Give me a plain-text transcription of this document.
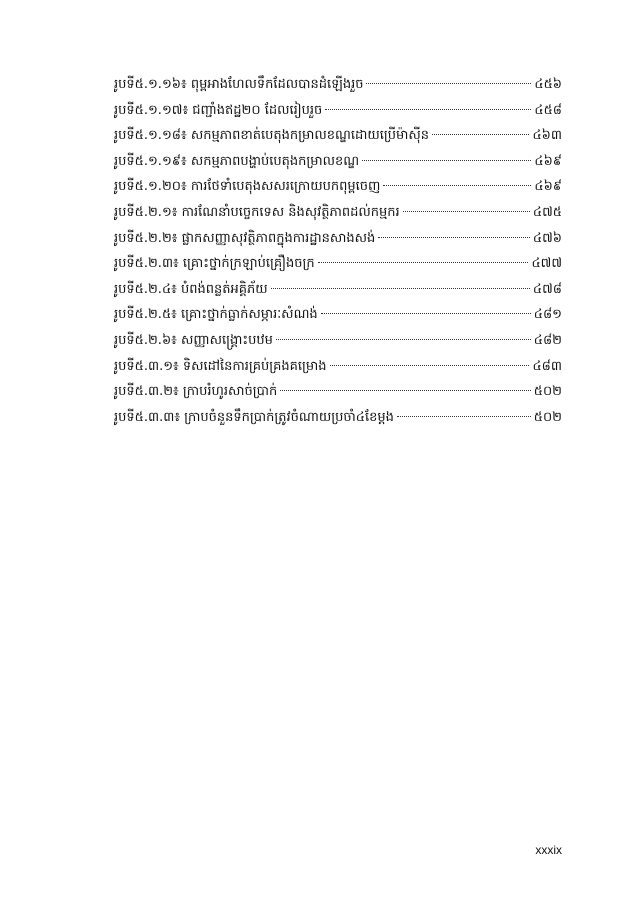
រូបទី៥.១.១៦៖ ពុម្ពអាងហែលទឹកដែលបានដំឡើងរួច	៤៥៦
រូបទី៥.១.១៧៖ ជញ្ជាំងឥដ្ឋ២០ ដែលរៀបរួច	៤៥៨
រូបទី៥.១.១៨៖ សកម្មភាពខាត់បេតុងកម្រាលខណ្ឌដោយប្រើម៉ាស៊ីន	៤៦៣
រូបទី៥.១.១៩៖ សកម្មភាពបង្ហាប់បេតុងកម្រាលខណ្ឌ	៤៦៩
រូបទី៥.១.២០៖ ការថែទាំបេតុងសសរក្រោយបកពុម្ពចេញ	៤៦៩
រូបទី៥.២.១៖ ការណែនាំបច្ចេកទេស និងសុវត្ថិភាពដល់កម្មករ	៤៧៥
រូបទី៥.២.២៖ ផ្លាកសញ្ញាសុវត្ថិភាពក្នុងការដ្ឋានសាងសង់	៤៧៦
រូបទី៥.២.៣៖ គ្រោះថ្នាក់ក្រឡាប់គ្រឿងចក្រ	៤៧៧
រូបទី៥.២.៤៖ បំពង់ពន្លត់អគ្គិភ័យ	៤៧៨
រូបទី៥.២.៥៖ គ្រោះថ្នាក់ធ្លាក់សម្ភារៈសំណង់	៤៨១
រូបទី៥.២.៦៖ សញ្ញាសង្គ្រោះបឋម	៤៨២
រូបទី៥.៣.១៖ ទិសដៅនៃការគ្រប់គ្រងគម្រោង	៤៨៣
រូបទី៥.៣.២៖ ក្រាបរំហូរសាច់ប្រាក់	៥០២
រូបទី៥.៣.៣៖ ក្រាបចំនួនទឹកប្រាក់ត្រូវចំណាយប្រចាំ៤ខែម្តង	៥០២
xxxix
